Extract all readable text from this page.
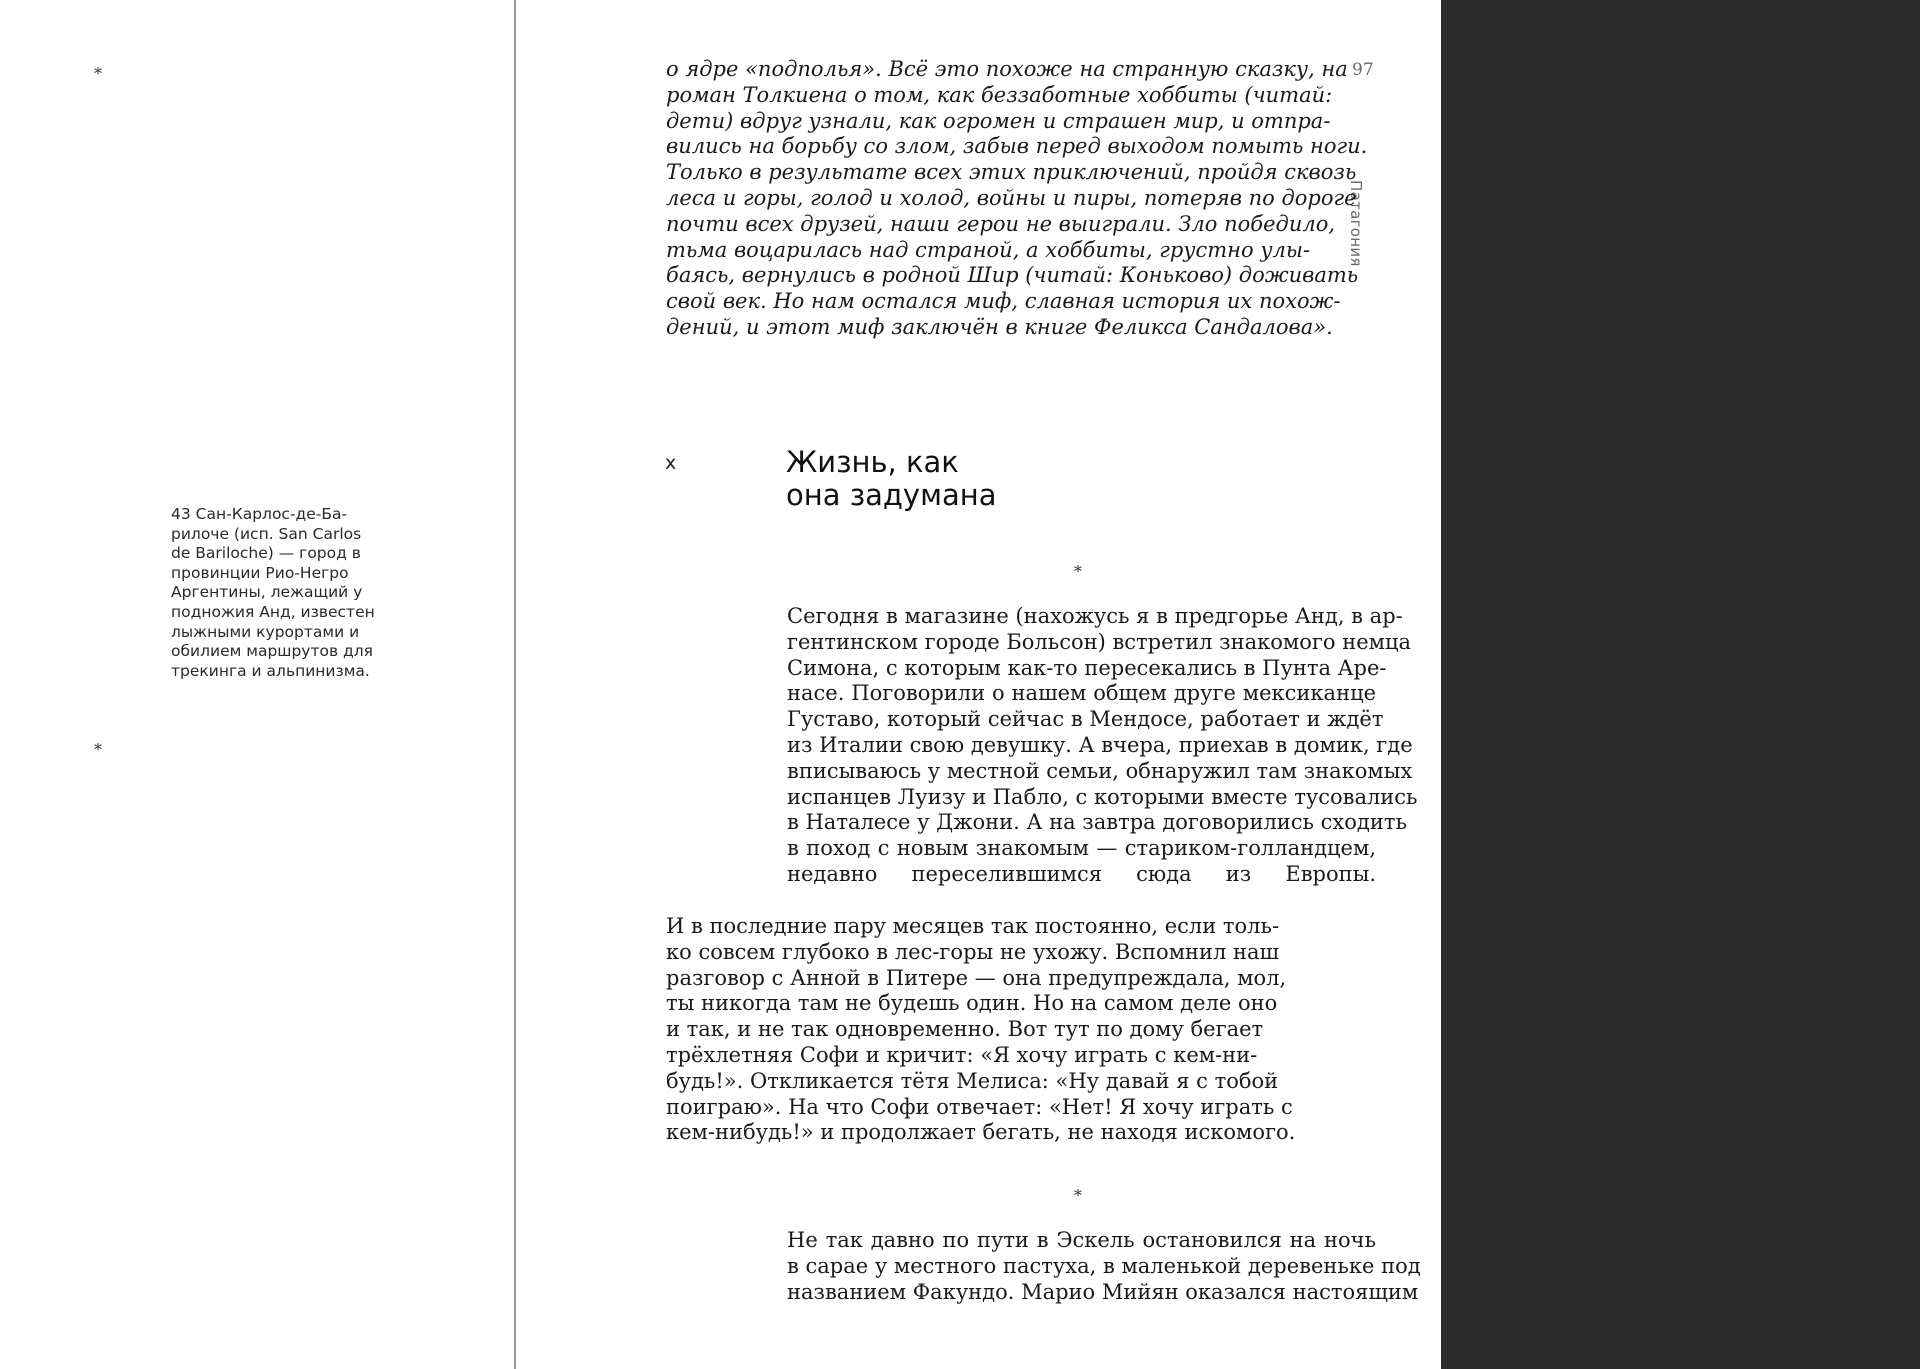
*
43 Сан-Карлос-де-Ба-
рилоче (исп. San Carlos
de Bariloche) — город в
провинции Рио-Негро
Аргентины, лежащий у
подножия Анд, известен
лыжными курортами и
обилием маршрутов для
трекинга и альпинизма.
*
97
Патагония
о ядре «подполья». Всё это похоже на странную сказку, на
роман Толкиена о том, как беззаботные хоббиты (читай:
дети) вдруг узнали, как огромен и страшен мир, и отпра-
вились на борьбу со злом, забыв перед выходом помыть ноги.
Только в результате всех этих приключений, пройдя сквозь
леса и горы, голод и холод, войны и пиры, потеряв по дороге
почти всех друзей, наши герои не выиграли. Зло победило,
тьма воцарилась над страной, а хоббиты, грустно улы-
баясь, вернулись в родной Шир (читай: Коньково) доживать
свой век. Но нам остался миф, славная история их похож-
дений, и этот миф заключён в книге Феликса Сандалова».
x	Жизнь, как
она задумана
*
Сегодня в магазине (нахожусь я в предгорье Анд, в ар-
гентинском городе Больсон) встретил знакомого немца
Симона, с которым как-то пересекались в Пунта Аре-
насе. Поговорили о нашем общем друге мексиканце
Густаво, который сейчас в Мендосе, работает и ждёт
из Италии свою девушку. А вчера, приехав в домик, где
вписываюсь у местной семьи, обнаружил там знакомых
испанцев Луизу и Пабло, с которыми вместе тусовались
в Наталесе у Джони. А на завтра договорились сходить
в поход с новым знакомым — стариком-голландцем,
недавно переселившимся сюда из Европы.
И в последние пару месяцев так постоянно, если толь-
ко совсем глубоко в лес-горы не ухожу. Вспомнил наш
разговор с Анной в Питере — она предупреждала, мол,
ты никогда там не будешь один. Но на самом деле оно
и так, и не так одновременно. Вот тут по дому бегает
трёхлетняя Софи и кричит: «Я хочу играть с кем-ни-
будь!». Откликается тётя Мелиса: «Ну давай я с тобой
поиграю». На что Софи отвечает: «Нет! Я хочу играть с
кем-нибудь!» и продолжает бегать, не находя искомого.
*
Не так давно по пути в Эскель остановился на ночь
в сарае у местного пастуха, в маленькой деревеньке под
названием Факундо. Марио Мийян оказался настоящим
